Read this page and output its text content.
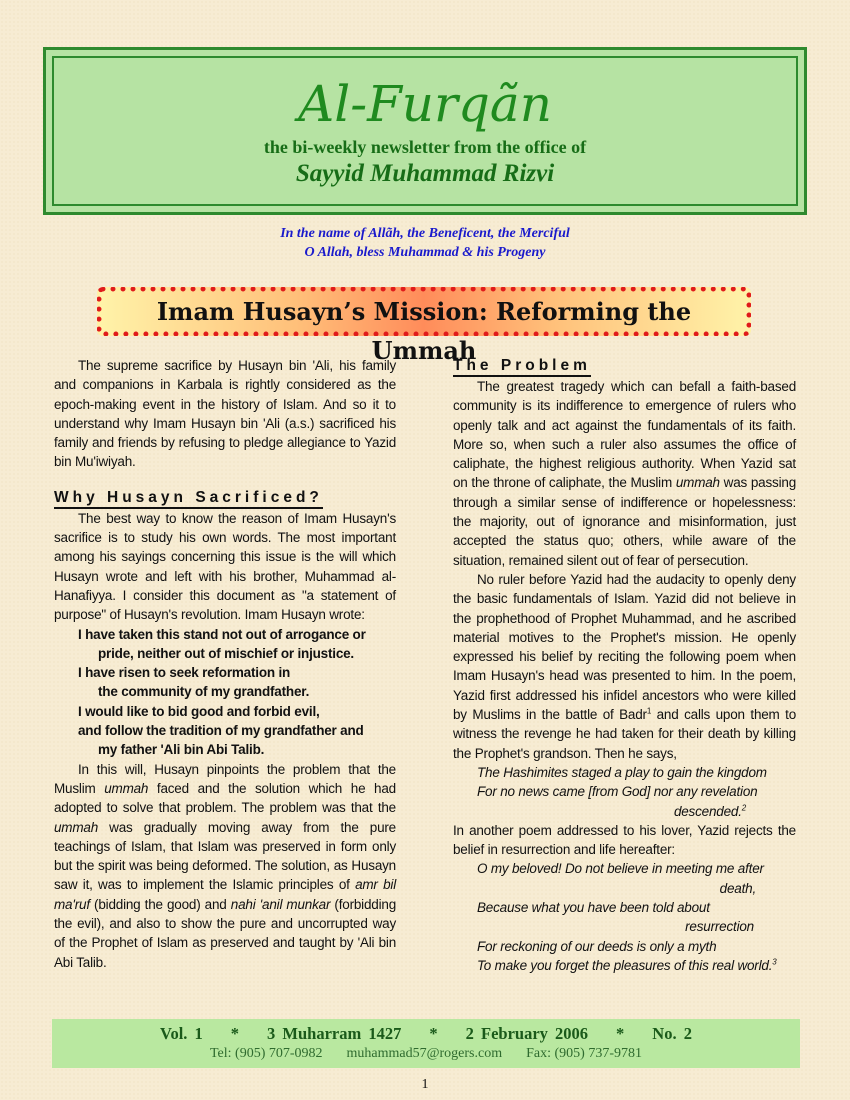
Al-Furqãn
the bi-weekly newsletter from the office of
Sayyid Muhammad Rizvi
In the name of Allãh, the Beneficent, the Merciful
O Allah, bless Muhammad & his Progeny
Imam Husayn’s Mission: Reforming the Ummah

The supreme sacrifice by Husayn bin 'Ali, his family and companions in Karbala is rightly considered as the epoch-making event in the history of Islam. And so it to understand why Imam Husayn bin 'Ali (a.s.) sacrificed his family and friends by refusing to pledge allegiance to Yazid bin Mu'iwiyah.

Why Husayn Sacrificed?

The best way to know the reason of Imam Husayn's sacrifice is to study his own words. The most important among his sayings concerning this issue is the will which Husayn wrote and left with his brother, Muhammad al-Hanafiyya. I consider this document as "a statement of purpose" of Husayn's revolution. Imam Husayn wrote:

I have taken this stand not out of arrogance or
pride, neither out of mischief or injustice.
I have risen to seek reformation in
the community of my grandfather.
I would like to bid good and forbid evil,
and follow the tradition of my grandfather and
my father 'Ali bin Abi Talib.

In this will, Husayn pinpoints the problem that the Muslim ummah faced and the solution which he had adopted to solve that problem. The problem was that the ummah was gradually moving away from the pure teachings of Islam, that Islam was preserved in form only but the spirit was being deformed. The solution, as Husayn saw it, was to implement the Islamic principles of amr bil ma'ruf (bidding the good) and nahi 'anil munkar (forbidding the evil), and also to show the pure and uncorrupted way of the Prophet of Islam as preserved and taught by 'Ali bin Abi Talib.

The Problem

The greatest tragedy which can befall a faith-based community is its indifference to emergence of rulers who openly talk and act against the fundamentals of its faith. More so, when such a ruler also assumes the office of caliphate, the highest religious authority. When Yazid sat on the throne of caliphate, the Muslim ummah was passing through a similar sense of indifference or hopelessness: the majority, out of ignorance and misinformation, just accepted the status quo; others, while aware of the situation, remained silent out of fear of persecution.

No ruler before Yazid had the audacity to openly deny the basic fundamentals of Islam. Yazid did not believe in the prophethood of Prophet Muhammad, and he ascribed material motives to the Prophet's mission. He openly expressed his belief by reciting the following poem when Imam Husayn's head was presented to him. In the poem, Yazid first addressed his infidel ancestors who were killed by Muslims in the battle of Badr$^1$ and calls upon them to witness the revenge he had taken for their death by killing the Prophet's grandson. Then he says,

The Hashimites staged a play to gain the kingdom
For no news came [from God] nor any revelation
descended.$^2$

In another poem addressed to his lover, Yazid rejects the belief in resurrection and life hereafter:

O my beloved! Do not believe in meeting me after
death,
Because what you have been told about
resurrection
For reckoning of our deeds is only a myth
To make you forget the pleasures of this real world.$^3$
Vol. 1 * 3 Muharram 1427 * 2 February 2006 * No. 2
Tel: (905) 707-0982 muhammad57@rogers.com Fax: (905) 737-9781
1
